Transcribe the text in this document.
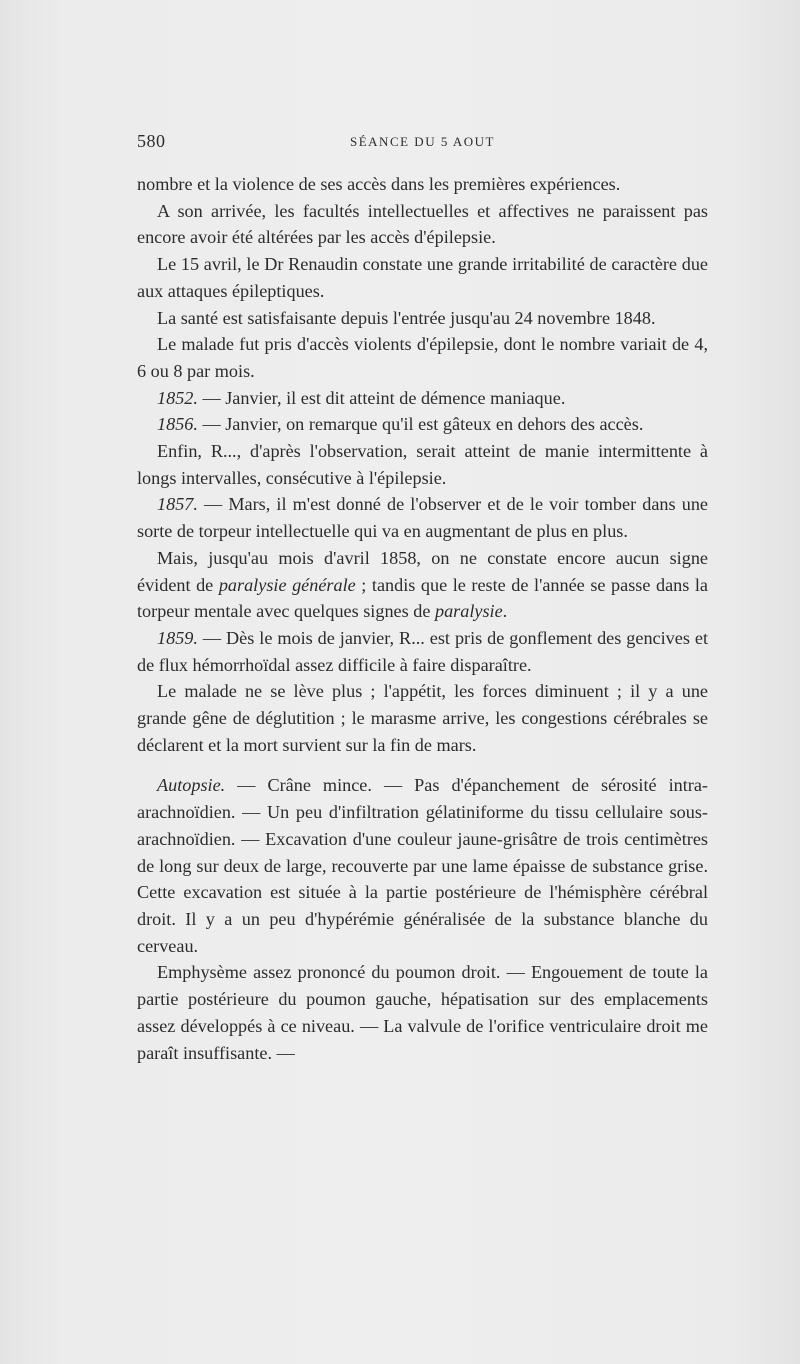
580	SÉANCE DU 5 AOUT

nombre et la violence de ses accès dans les premières expériences.

A son arrivée, les facultés intellectuelles et affectives ne paraissent pas encore avoir été altérées par les accès d'épilepsie.

Le 15 avril, le Dr Renaudin constate une grande irritabilité de caractère due aux attaques épileptiques.

La santé est satisfaisante depuis l'entrée jusqu'au 24 novembre 1848.

Le malade fut pris d'accès violents d'épilepsie, dont le nombre variait de 4, 6 ou 8 par mois.

1852. — Janvier, il est dit atteint de démence maniaque.

1856. — Janvier, on remarque qu'il est gâteux en dehors des accès.

Enfin, R..., d'après l'observation, serait atteint de manie intermittente à longs intervalles, consécutive à l'épilepsie.

1857. — Mars, il m'est donné de l'observer et de le voir tomber dans une sorte de torpeur intellectuelle qui va en augmentant de plus en plus.

Mais, jusqu'au mois d'avril 1858, on ne constate encore aucun signe évident de paralysie générale ; tandis que le reste de l'année se passe dans la torpeur mentale avec quelques signes de paralysie.

1859. — Dès le mois de janvier, R... est pris de gonflement des gencives et de flux hémorrhoïdal assez difficile à faire disparaître.

Le malade ne se lève plus ; l'appétit, les forces diminuent ; il y a une grande gêne de déglutition ; le marasme arrive, les congestions cérébrales se déclarent et la mort survient sur la fin de mars.

Autopsie. — Crâne mince. — Pas d'épanchement de sérosité intra-arachnoïdien. — Un peu d'infiltration gélatiniforme du tissu cellulaire sous-arachnoïdien. — Excavation d'une couleur jaune-grisâtre de trois centimètres de long sur deux de large, recouverte par une lame épaisse de substance grise. Cette excavation est située à la partie postérieure de l'hémisphère cérébral droit. Il y a un peu d'hypérémie généralisée de la substance blanche du cerveau.

Emphysème assez prononcé du poumon droit. — Engouement de toute la partie postérieure du poumon gauche, hépatisation sur des emplacements assez développés à ce niveau. — La valvule de l'orifice ventriculaire droit me paraît insuffisante. —
